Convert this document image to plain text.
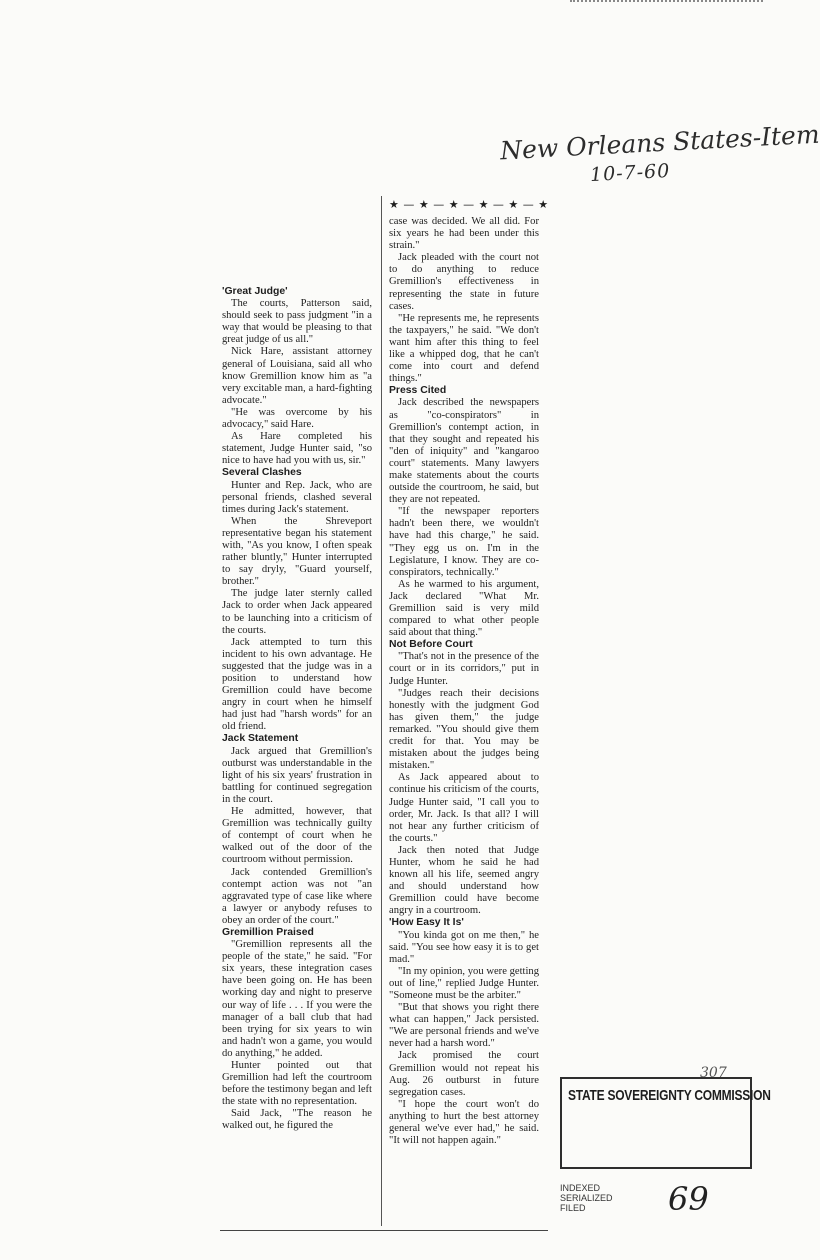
New Orleans States-Item
10-7-60
★ — ★ — ★ — ★ — ★ — ★
'Great Judge'

The courts, Patterson said, should seek to pass judgment "in a way that would be pleasing to that great judge of us all."

Nick Hare, assistant attorney general of Louisiana, said all who know Gremillion know him as "a very excitable man, a hard-fighting advocate."

"He was overcome by his advocacy," said Hare.

As Hare completed his statement, Judge Hunter said, "so nice to have had you with us, sir."

Several Clashes

Hunter and Rep. Jack, who are personal friends, clashed several times during Jack's statement.

When the Shreveport representative began his statement with, "As you know, I often speak rather bluntly," Hunter interrupted to say dryly, "Guard yourself, brother."

The judge later sternly called Jack to order when Jack appeared to be launching into a criticism of the courts.

Jack attempted to turn this incident to his own advantage. He suggested that the judge was in a position to understand how Gremillion could have become angry in court when he himself had just had "harsh words" for an old friend.

Jack Statement

Jack argued that Gremillion's outburst was understandable in the light of his six years' frustration in battling for continued segregation in the court.

He admitted, however, that Gremillion was technically guilty of contempt of court when he walked out of the door of the courtroom without permission.

Jack contended Gremillion's contempt action was not "an aggravated type of case like where a lawyer or anybody refuses to obey an order of the court."

Gremillion Praised

"Gremillion represents all the people of the state," he said. "For six years, these integration cases have been going on. He has been working day and night to preserve our way of life . . . If you were the manager of a ball club that had been trying for six years to win and hadn't won a game, you would do anything," he added.

Hunter pointed out that Gremillion had left the courtroom before the testimony began and left the state with no representation.

Said Jack, "The reason he walked out, he figured the

case was decided. We all did. For six years he had been under this strain."

Jack pleaded with the court not to do anything to reduce Gremillion's effectiveness in representing the state in future cases.

"He represents me, he represents the taxpayers," he said. "We don't want him after this thing to feel like a whipped dog, that he can't come into court and defend things."

Press Cited

Jack described the newspapers as "co-conspirators" in Gremillion's contempt action, in that they sought and repeated his "den of iniquity" and "kangaroo court" statements. Many lawyers make statements about the courts outside the courtroom, he said, but they are not repeated.

"If the newspaper reporters hadn't been there, we wouldn't have had this charge," he said. "They egg us on. I'm in the Legislature, I know. They are co-conspirators, technically."

As he warmed to his argument, Jack declared "What Mr. Gremillion said is very mild compared to what other people said about that thing."

Not Before Court

"That's not in the presence of the court or in its corridors," put in Judge Hunter.

"Judges reach their decisions honestly with the judgment God has given them," the judge remarked. "You should give them credit for that. You may be mistaken about the judges being mistaken."

As Jack appeared about to continue his criticism of the courts, Judge Hunter said, "I call you to order, Mr. Jack. Is that all? I will not hear any further criticism of the courts."

Jack then noted that Judge Hunter, whom he said he had known all his life, seemed angry and should understand how Gremillion could have become angry in a courtroom.

'How Easy It Is'

"You kinda got on me then," he said. "You see how easy it is to get mad."

"In my opinion, you were getting out of line," replied Judge Hunter. "Someone must be the arbiter."

"But that shows you right there what can happen," Jack persisted. "We are personal friends and we've never had a harsh word."

Jack promised the court Gremillion would not repeat his Aug. 26 outburst in future segregation cases.

"I hope the court won't do anything to hurt the best attorney general we've ever had," he said. "It will not happen again."

307
STATE SOVEREIGNTY COMMISSION
INDEXED
SERIALIZED
FILED	69
